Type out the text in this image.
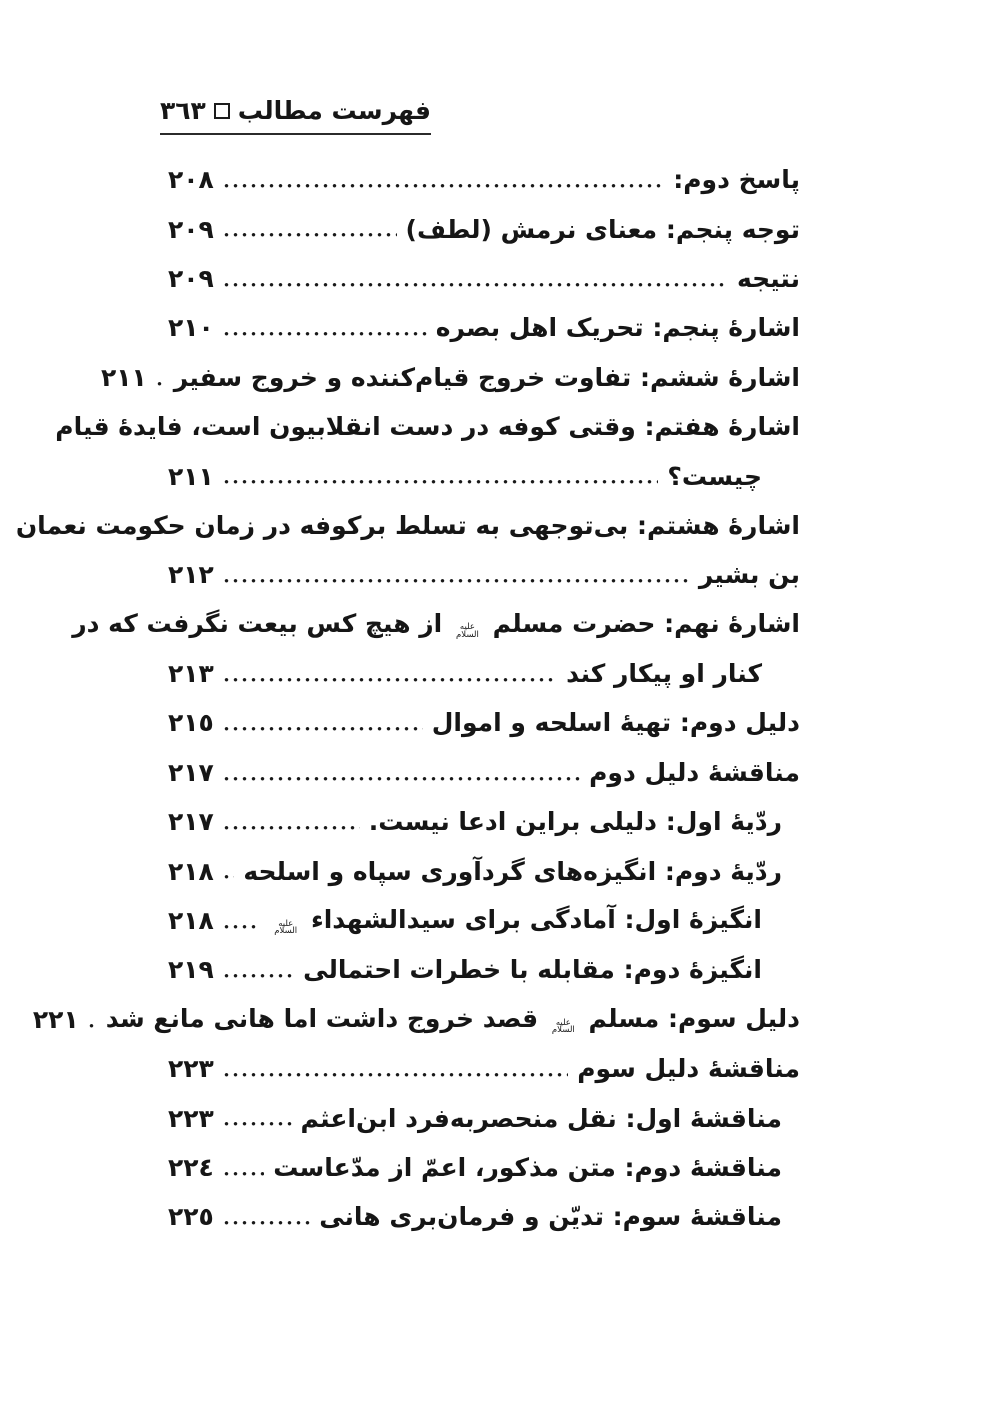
فهرست مطالب٣٦٣
پاسخ دوم:
٢٠٨
توجه پنجم: معنای نرمش (لطف)
٢٠٩
نتیجه
٢٠٩
اشارۀ پنجم: تحریک اهل بصره
٢١٠
اشارۀ ششم: تفاوت خروج قیام‌کننده و خروج سفیر
٢١١
اشارۀ هفتم: وقتی کوفه در دست انقلابیون است، فایدۀ قیام
چیست؟
٢١١
اشارۀ هشتم: بی‌توجهی به تسلط برکوفه در زمان حکومت نعمان
بن بشیر
٢١٢
اشارۀ نهم: حضرت مسلم علیه السلام از هیچ کس بیعت نگرفت که در
کنار او پیکار کند
٢١٣
دلیل دوم: تهیۀ اسلحه و اموال
٢١٥
مناقشۀ دلیل دوم
٢١٧
ردّیۀ اول: دلیلی براین ادعا نیست.
٢١٧
ردّیۀ دوم: انگیزه‌های گردآوری سپاه و اسلحه
٢١٨
انگیزۀ اول: آمادگی برای سیدالشهداء علیه السلام
٢١٨
انگیزۀ دوم: مقابله با خطرات احتمالی
٢١٩
دلیل سوم: مسلم علیه السلام قصد خروج داشت اما هانی مانع شد
٢٢١
مناقشۀ دلیل سوم
٢٢٣
مناقشۀ اول: نقل منحصربه‌فرد ابن‌اعثم
٢٢٣
مناقشۀ دوم: متن مذکور، اعمّ از مدّعاست
٢٢٤
مناقشۀ سوم: تدیّن و فرمان‌بری هانی
٢٢٥
